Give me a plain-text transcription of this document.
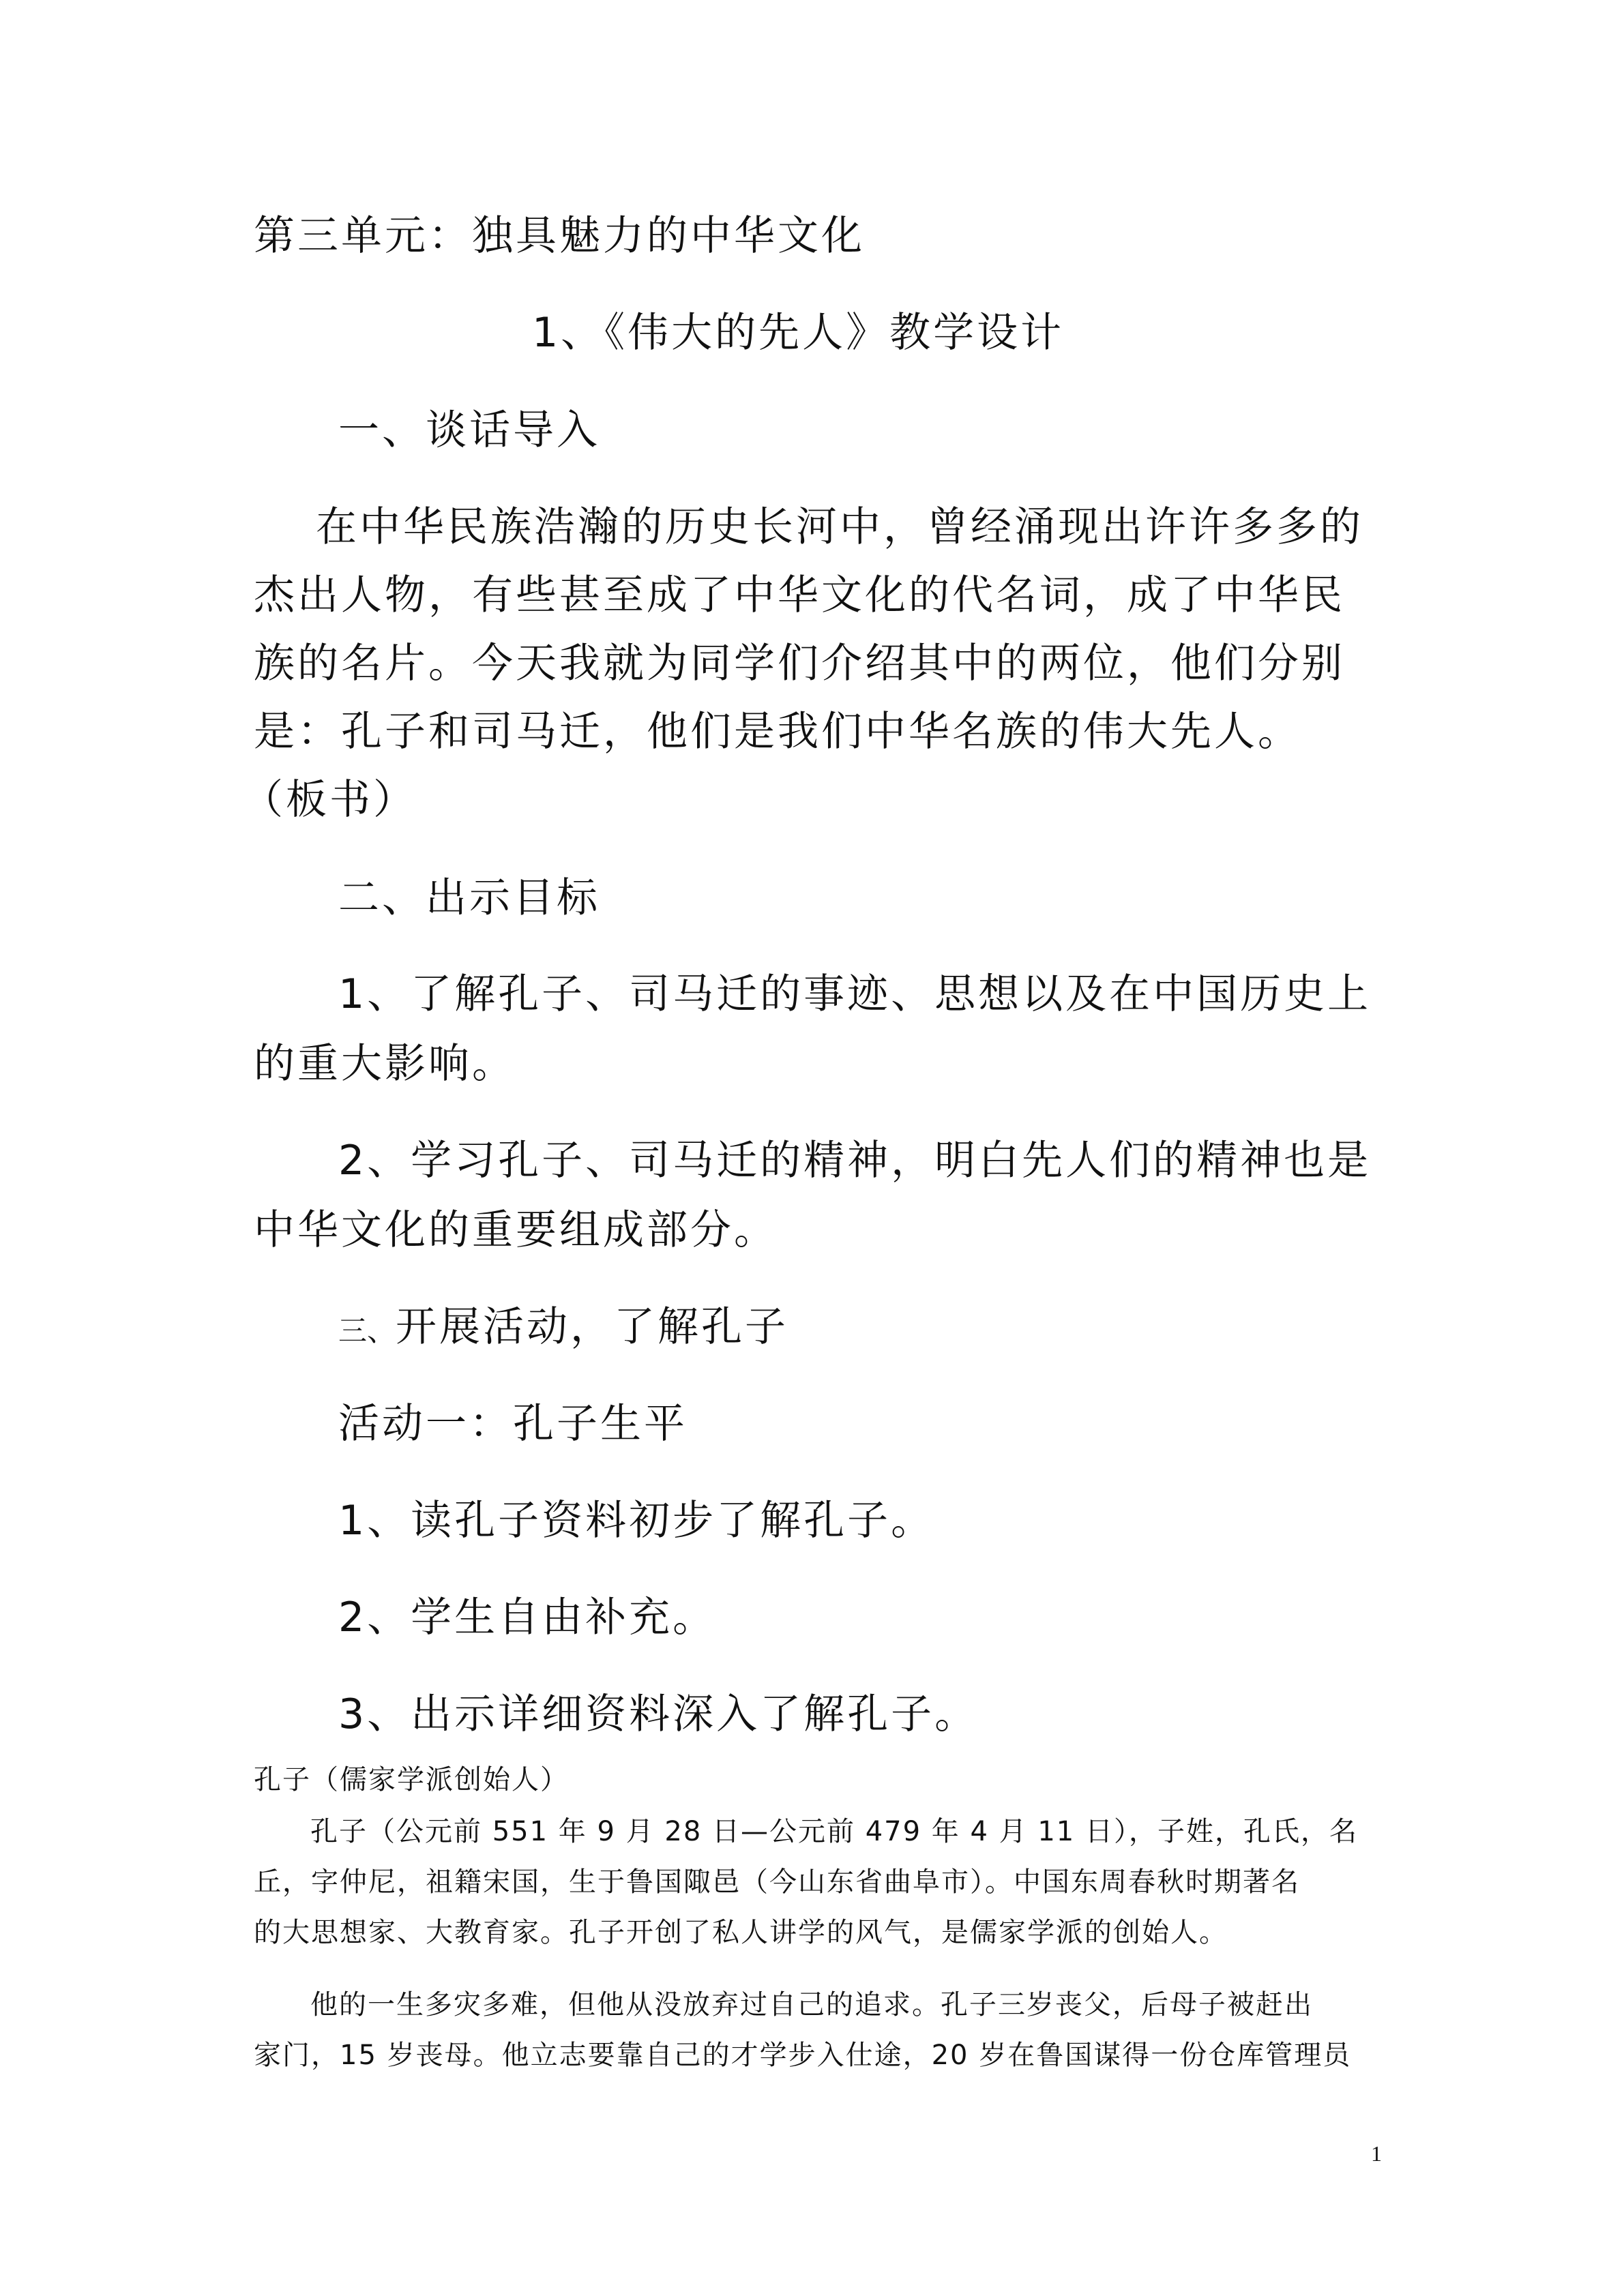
第三单元：独具魅力的中华文化

1、《伟大的先人》教学设计

一、谈话导入

在中华民族浩瀚的历史长河中，曾经涌现出许许多多的

杰出人物，有些甚至成了中华文化的代名词，成了中华民

族的名片。今天我就为同学们介绍其中的两位，他们分别

是：孔子和司马迁，他们是我们中华名族的伟大先人。

（板书）

二、出示目标

1、了解孔子、司马迁的事迹、思想以及在中国历史上

的重大影响。

2、学习孔子、司马迁的精神，明白先人们的精神也是

中华文化的重要组成部分。

三、开展活动，了解孔子

活动一：孔子生平

1、读孔子资料初步了解孔子。

2、学生自由补充。

3、出示详细资料深入了解孔子。

孔子（儒家学派创始人）

孔子（公元前 551 年 9 月 28 日—公元前 479 年 4 月 11 日），子姓，孔氏，名

丘，字仲尼，祖籍宋国，生于鲁国陬邑（今山东省曲阜市）。中国东周春秋时期著名

的大思想家、大教育家。孔子开创了私人讲学的风气，是儒家学派的创始人。

他的一生多灾多难，但他从没放弃过自己的追求。孔子三岁丧父，后母子被赶出

家门，15 岁丧母。他立志要靠自己的才学步入仕途，20 岁在鲁国谋得一份仓库管理员

1
